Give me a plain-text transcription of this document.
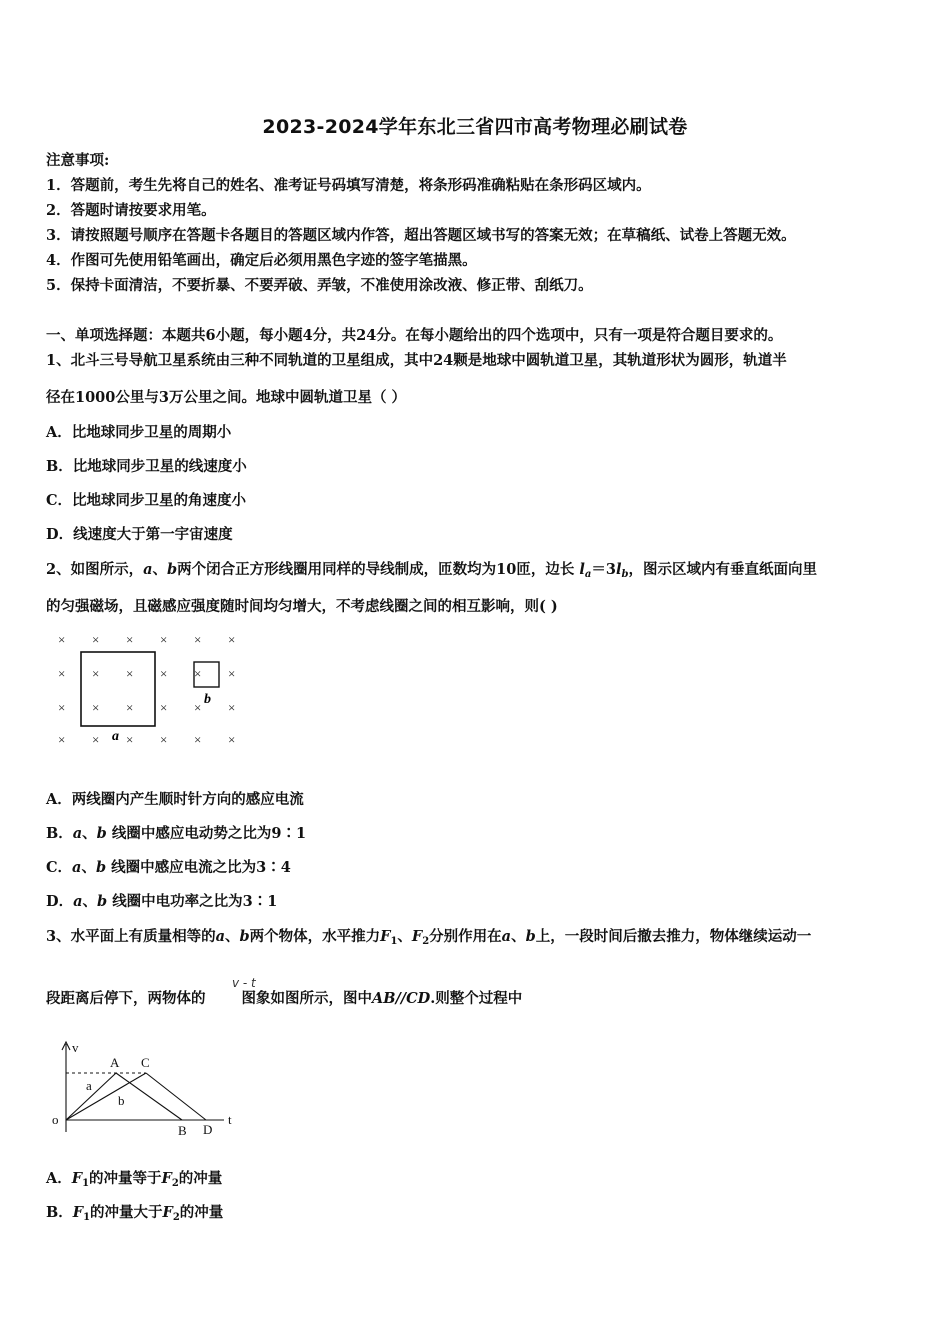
2023-2024学年东北三省四市高考物理必刷试卷
注意事项:
1．答题前，考生先将自己的姓名、准考证号码填写清楚，将条形码准确粘贴在条形码区域内。
2．答题时请按要求用笔。
3．请按照题号顺序在答题卡各题目的答题区域内作答，超出答题区域书写的答案无效；在草稿纸、试卷上答题无效。
4．作图可先使用铅笔画出，确定后必须用黑色字迹的签字笔描黑。
5．保持卡面清洁，不要折暴、不要弄破、弄皱，不准使用涂改液、修正带、刮纸刀。
一、单项选择题：本题共6小题，每小题4分，共24分。在每小题给出的四个选项中，只有一项是符合题目要求的。
1、北斗三号导航卫星系统由三种不同轨道的卫星组成，其中24颗是地球中圆轨道卫星，其轨道形状为圆形，轨道半
径在1000公里与3万公里之间。地球中圆轨道卫星（ ）
A．比地球同步卫星的周期小
B．比地球同步卫星的线速度小
C．比地球同步卫星的角速度小
D．线速度大于第一宇宙速度
2、如图所示，a、b两个闭合正方形线圈用同样的导线制成，匝数均为10匝，边长 $l_a=3l_b$，图示区域内有垂直纸面向里
的匀强磁场，且磁感应强度随时间均匀增大，不考虑线圈之间的相互影响，则( )
× × × × × ×
× × × × × ×
× × × × × ×
× × × × × ×
a
b
A．两线圈内产生顺时针方向的感应电流
B．a、b 线圈中感应电动势之比为9∶1
C．a、b 线圈中感应电流之比为3∶4
D．a、b 线圈中电功率之比为3∶1
3、水平面上有质量相等的a、b两个物体，水平推力$F_1$、$F_2$分别作用在a、b上，一段时间后撤去推力，物体继续运动一
v - t
段距离后停下，两物体的 图象如图所示，图中AB//CD.则整个过程中
v
t
o
A C
B D
a
b
A．$F_1$的冲量等于$F_2$的冲量
B．$F_1$的冲量大于$F_2$的冲量
